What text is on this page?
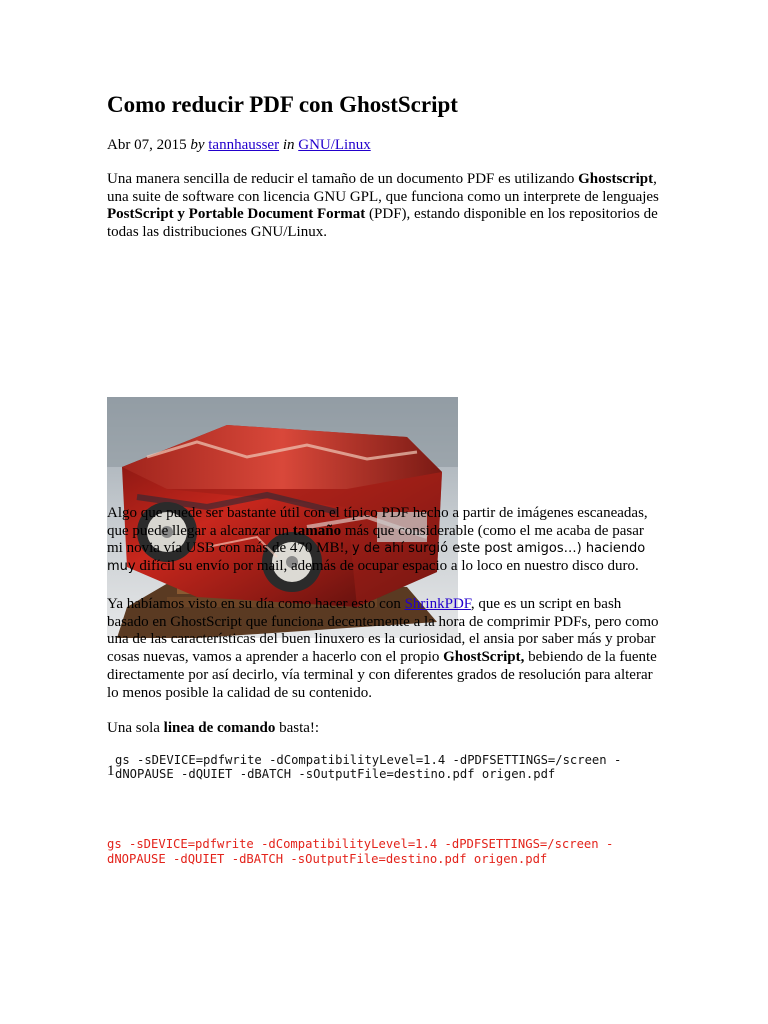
Como reducir PDF con GhostScript
Abr 07, 2015 by tannhausser in GNU/Linux

Una manera sencilla de reducir el tamaño de un documento PDF es utilizando Ghostscript, una suite de software con licencia GNU GPL, que funciona como un interprete de lenguajes PostScript y Portable Document Format (PDF), estando disponible en los repositorios de todas las distribuciones GNU/Linux.

Algo que puede ser bastante útil con el típico PDF hecho a partir de imágenes escaneadas, que puede llegar a alcanzar un tamaño más que considerable (como el me acaba de pasar mi novia vía USB con más de 470 MB!, y de ahí surgió este post amigos…) haciendo muy difícil su envío por mail, además de ocupar espacio a lo loco en nuestro disco duro.

Ya habíamos visto en su día como hacer esto con ShrinkPDF, que es un script en bash basado en GhostScript que funciona decentemente a la hora de comprimir PDFs, pero como una de las características del buen linuxero es la curiosidad, el ansia por saber más y probar cosas nuevas, vamos a aprender a hacerlo con el propio GhostScript, bebiendo de la fuente directamente por así decirlo, vía terminal y con diferentes grados de resolución para alterar lo menos posible la calidad de su contenido.

Una sola linea de comando basta!:

1
gs -sDEVICE=pdfwrite -dCompatibilityLevel=1.4 -dPDFSETTINGS=/screen -
dNOPAUSE -dQUIET -dBATCH -sOutputFile=destino.pdf origen.pdf
gs -sDEVICE=pdfwrite -dCompatibilityLevel=1.4 -dPDFSETTINGS=/screen -
dNOPAUSE -dQUIET -dBATCH -sOutputFile=destino.pdf origen.pdf
